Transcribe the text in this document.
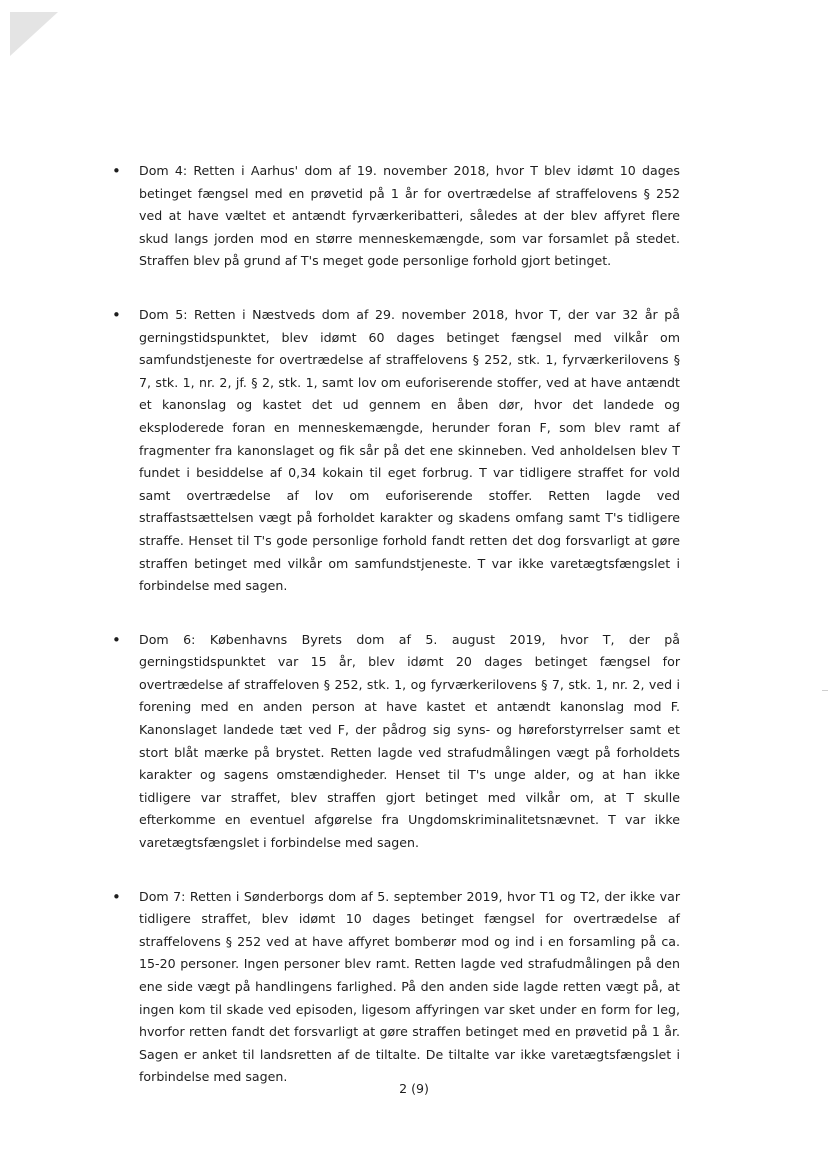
• Dom 4: Retten i Aarhus' dom af 19. november 2018, hvor T blev idømt 10 dages betinget fængsel med en prøvetid på 1 år for overtrædelse af straffelovens § 252 ved at have væltet et antændt fyrværkeribatteri, således at der blev affyret flere skud langs jorden mod en større menneskemængde, som var forsamlet på stedet. Straffen blev på grund af T's meget gode personlige forhold gjort betinget.
• Dom 5: Retten i Næstveds dom af 29. november 2018, hvor T, der var 32 år på gerningstidspunktet, blev idømt 60 dages betinget fængsel med vilkår om samfundstjeneste for overtrædelse af straffelovens § 252, stk. 1, fyrværkerilovens § 7, stk. 1, nr. 2, jf. § 2, stk. 1, samt lov om euforiserende stoffer, ved at have antændt et kanonslag og kastet det ud gennem en åben dør, hvor det landede og eksploderede foran en menneskemængde, herunder foran F, som blev ramt af fragmenter fra kanonslaget og fik sår på det ene skinneben. Ved anholdelsen blev T fundet i besiddelse af 0,34 kokain til eget forbrug. T var tidligere straffet for vold samt overtrædelse af lov om euforiserende stoffer. Retten lagde ved straffastsættelsen vægt på forholdet karakter og skadens omfang samt T's tidligere straffe. Henset til T's gode personlige forhold fandt retten det dog forsvarligt at gøre straffen betinget med vilkår om samfundstjeneste. T var ikke varetægtsfængslet i forbindelse med sagen.
• Dom 6: Københavns Byrets dom af 5. august 2019, hvor T, der på gerningstidspunktet var 15 år, blev idømt 20 dages betinget fængsel for overtrædelse af straffeloven § 252, stk. 1, og fyrværkerilovens § 7, stk. 1, nr. 2, ved i forening med en anden person at have kastet et antændt kanonslag mod F. Kanonslaget landede tæt ved F, der pådrog sig syns- og høreforstyrrelser samt et stort blåt mærke på brystet. Retten lagde ved strafudmålingen vægt på forholdets karakter og sagens omstændigheder. Henset til T's unge alder, og at han ikke tidligere var straffet, blev straffen gjort betinget med vilkår om, at T skulle efterkomme en eventuel afgørelse fra Ungdomskriminalitetsnævnet. T var ikke varetægtsfængslet i forbindelse med sagen.
• Dom 7: Retten i Sønderborgs dom af 5. september 2019, hvor T1 og T2, der ikke var tidligere straffet, blev idømt 10 dages betinget fængsel for overtrædelse af straffelovens § 252 ved at have affyret bomberør mod og ind i en forsamling på ca. 15-20 personer. Ingen personer blev ramt. Retten lagde ved strafudmålingen på den ene side vægt på handlingens farlighed. På den anden side lagde retten vægt på, at ingen kom til skade ved episoden, ligesom affyringen var sket under en form for leg, hvorfor retten fandt det forsvarligt at gøre straffen betinget med en prøvetid på 1 år. Sagen er anket til landsretten af de tiltalte. De tiltalte var ikke varetægtsfængslet i forbindelse med sagen.
2 (9)
